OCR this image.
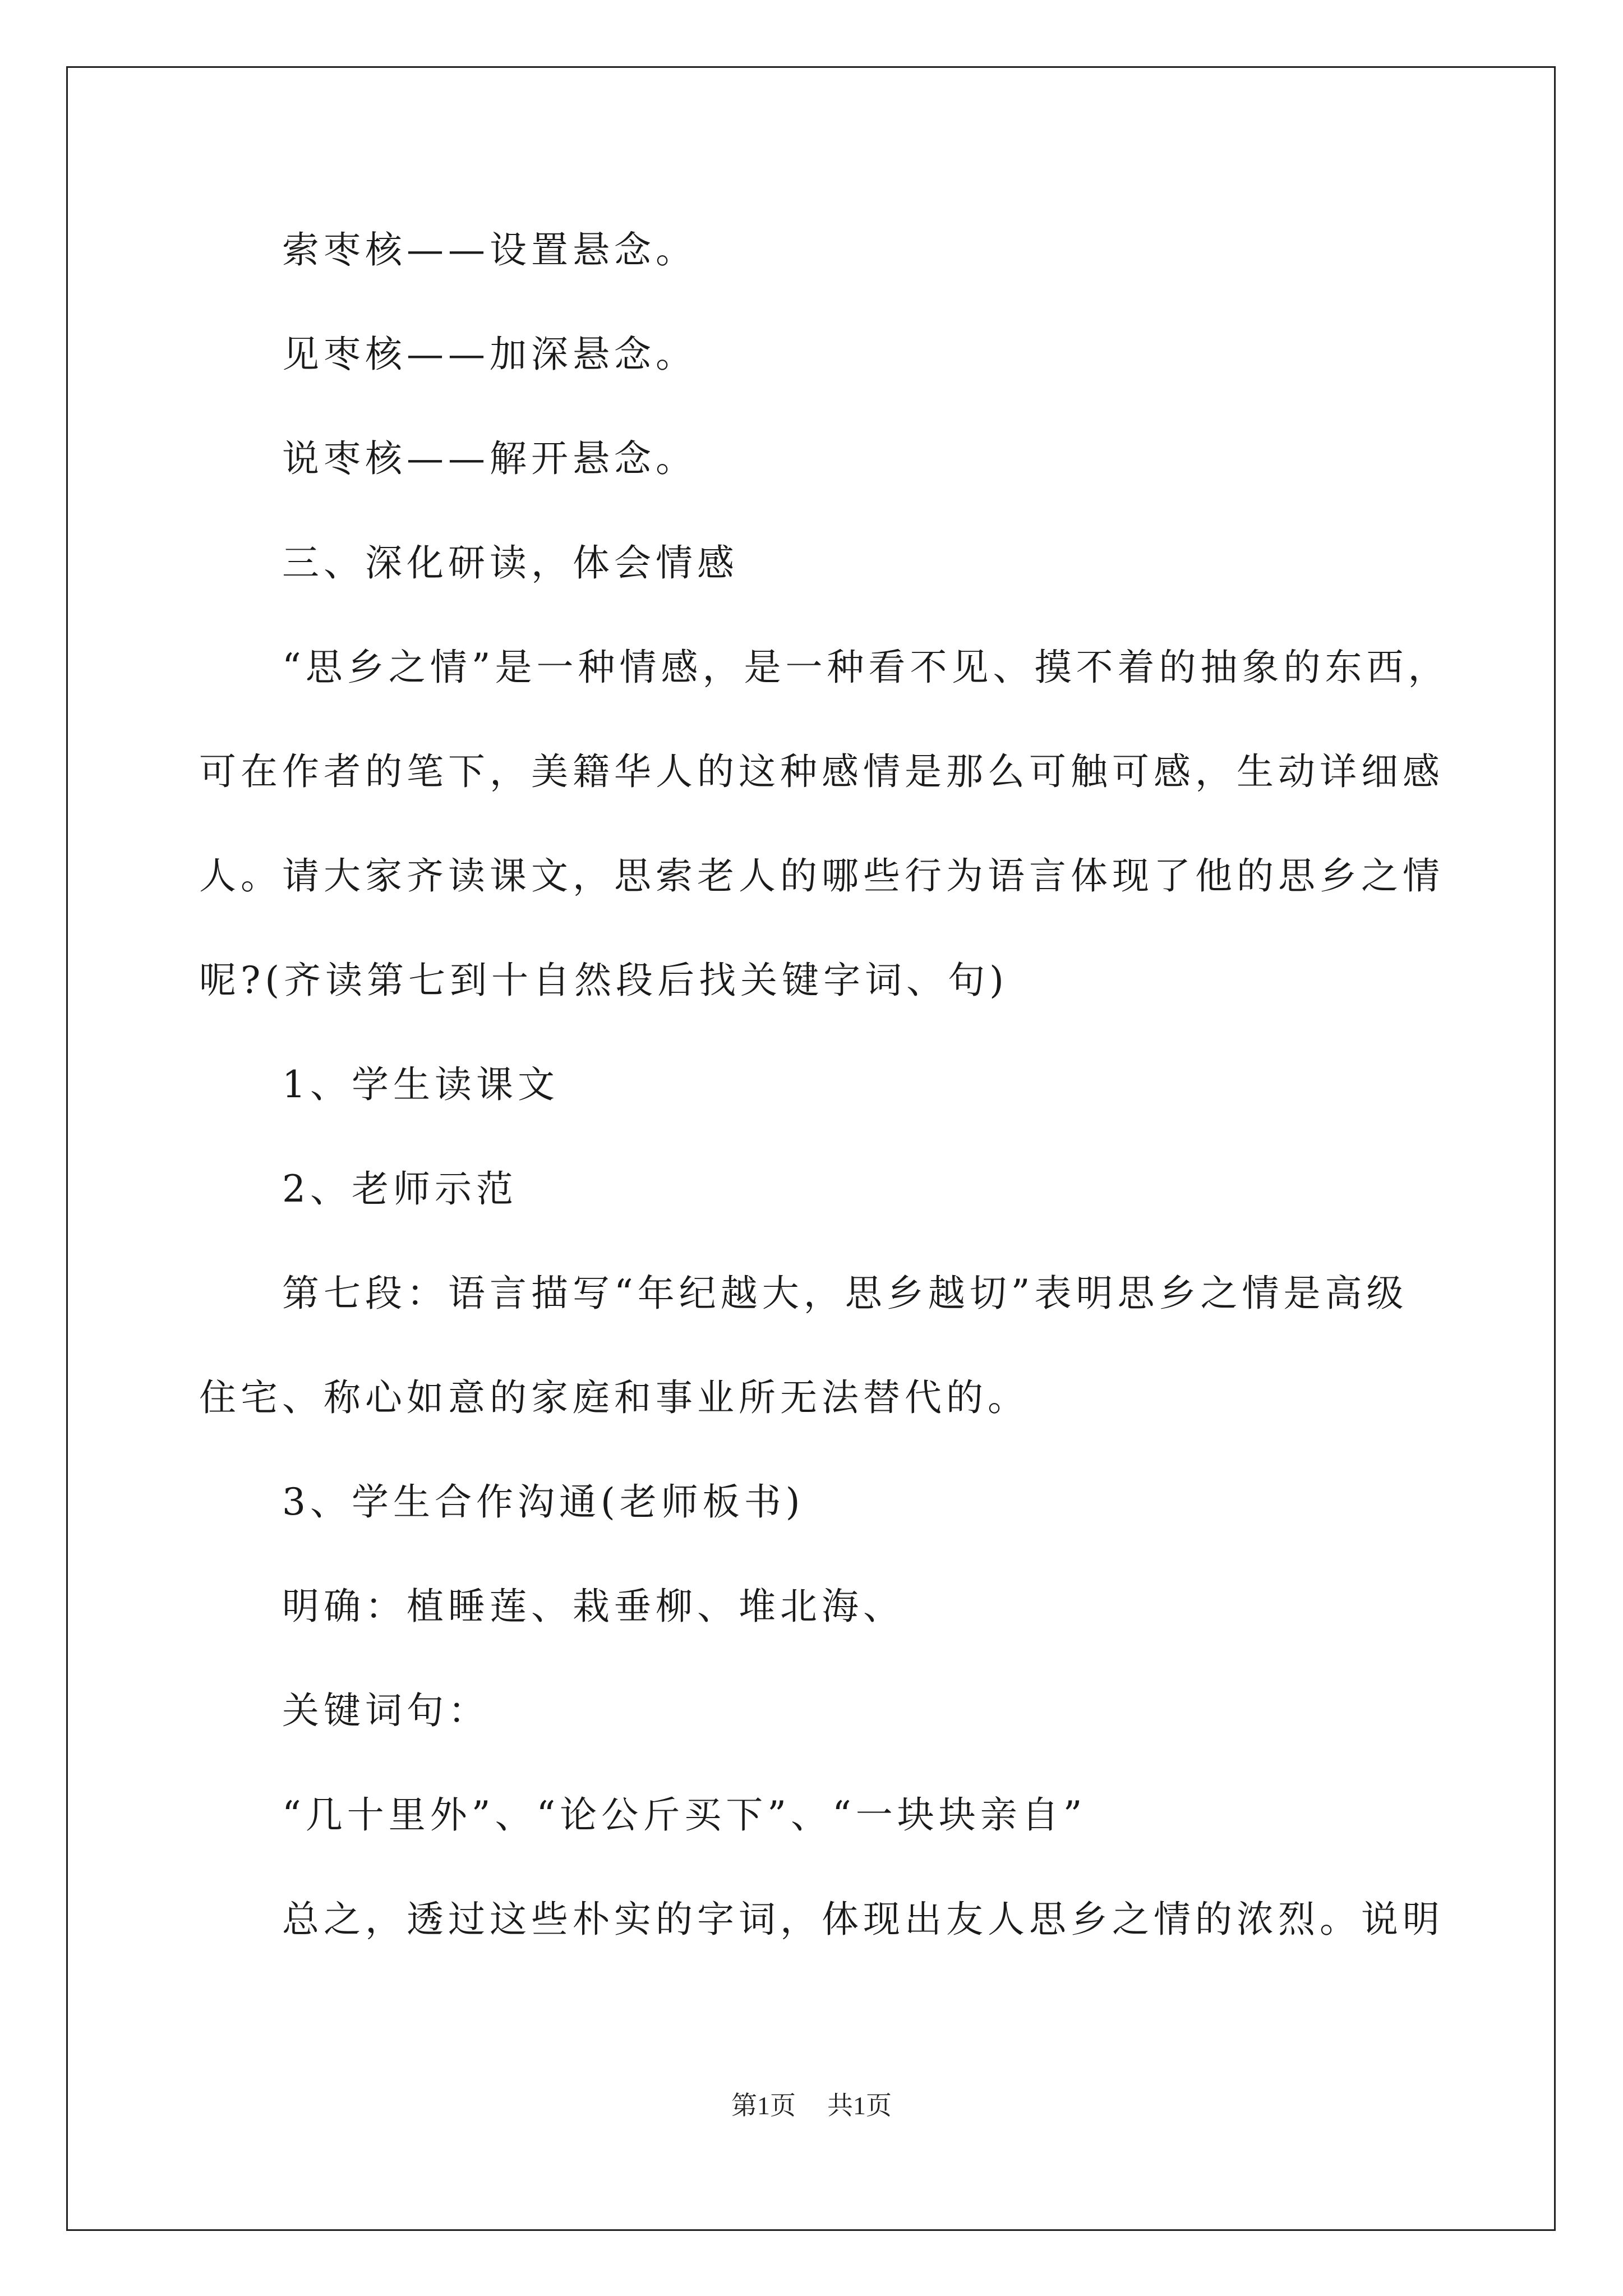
索枣核——设置悬念。
见枣核——加深悬念。
说枣核——解开悬念。
三、深化研读，体会情感
“思乡之情”是一种情感，是一种看不见、摸不着的抽象的东西，
可在作者的笔下，美籍华人的这种感情是那么可触可感，生动详细感
人。请大家齐读课文，思索老人的哪些行为语言体现了他的思乡之情
呢?(齐读第七到十自然段后找关键字词、句)
1、学生读课文
2、老师示范
第七段：语言描写“年纪越大，思乡越切”表明思乡之情是高级
住宅、称心如意的家庭和事业所无法替代的。
3、学生合作沟通(老师板书)
明确：植睡莲、栽垂柳、堆北海、
关键词句：
“几十里外”、“论公斤买下”、“一块块亲自”
总之，透过这些朴实的字词，体现出友人思乡之情的浓烈。说明
第1页 共1页
